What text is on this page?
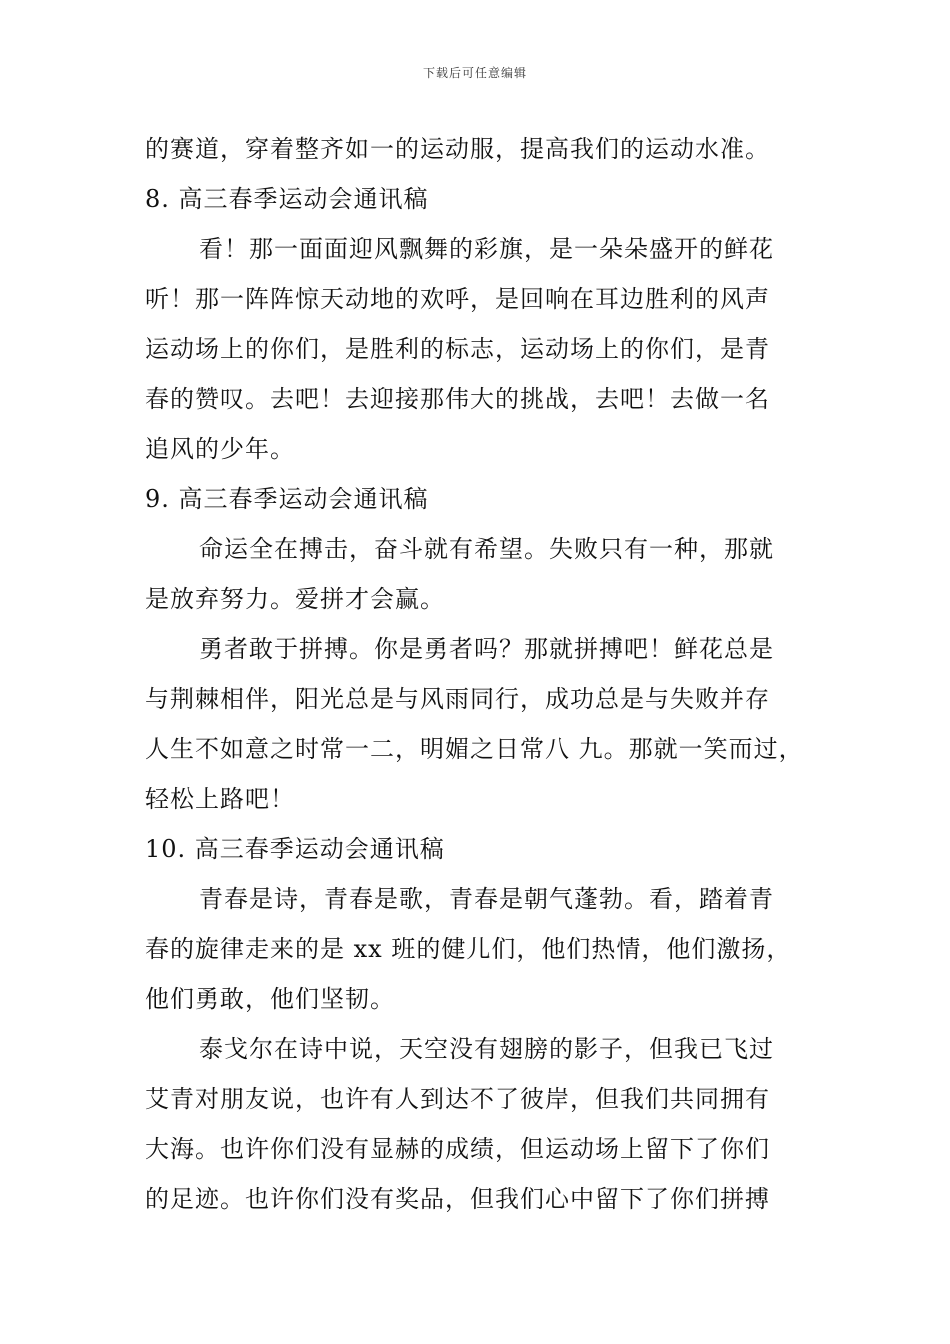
下载后可任意编辑
的赛道，穿着整齐如一的运动服，提高我们的运动水准。
8. 高三春季运动会通讯稿
看！那一面面迎风飘舞的彩旗，是一朵朵盛开的鲜花
听！那一阵阵惊天动地的欢呼，是回响在耳边胜利的风声
运动场上的你们，是胜利的标志，运动场上的你们，是青
春的赞叹。去吧！去迎接那伟大的挑战，去吧！去做一名
追风的少年。
9. 高三春季运动会通讯稿
命运全在搏击，奋斗就有希望。失败只有一种，那就
是放弃努力。爱拼才会赢。
勇者敢于拼搏。你是勇者吗？那就拼搏吧！鲜花总是
与荆棘相伴，阳光总是与风雨同行，成功总是与失败并存
人生不如意之时常一二，明媚之日常八 九。那就一笑而过，
轻松上路吧！
10. 高三春季运动会通讯稿
青春是诗，青春是歌，青春是朝气蓬勃。看，踏着青
春的旋律走来的是 xx 班的健儿们，他们热情，他们激扬，
他们勇敢，他们坚韧。
泰戈尔在诗中说，天空没有翅膀的影子，但我已飞过
艾青对朋友说，也许有人到达不了彼岸，但我们共同拥有
大海。也许你们没有显赫的成绩，但运动场上留下了你们
的足迹。也许你们没有奖品，但我们心中留下了你们拼搏
